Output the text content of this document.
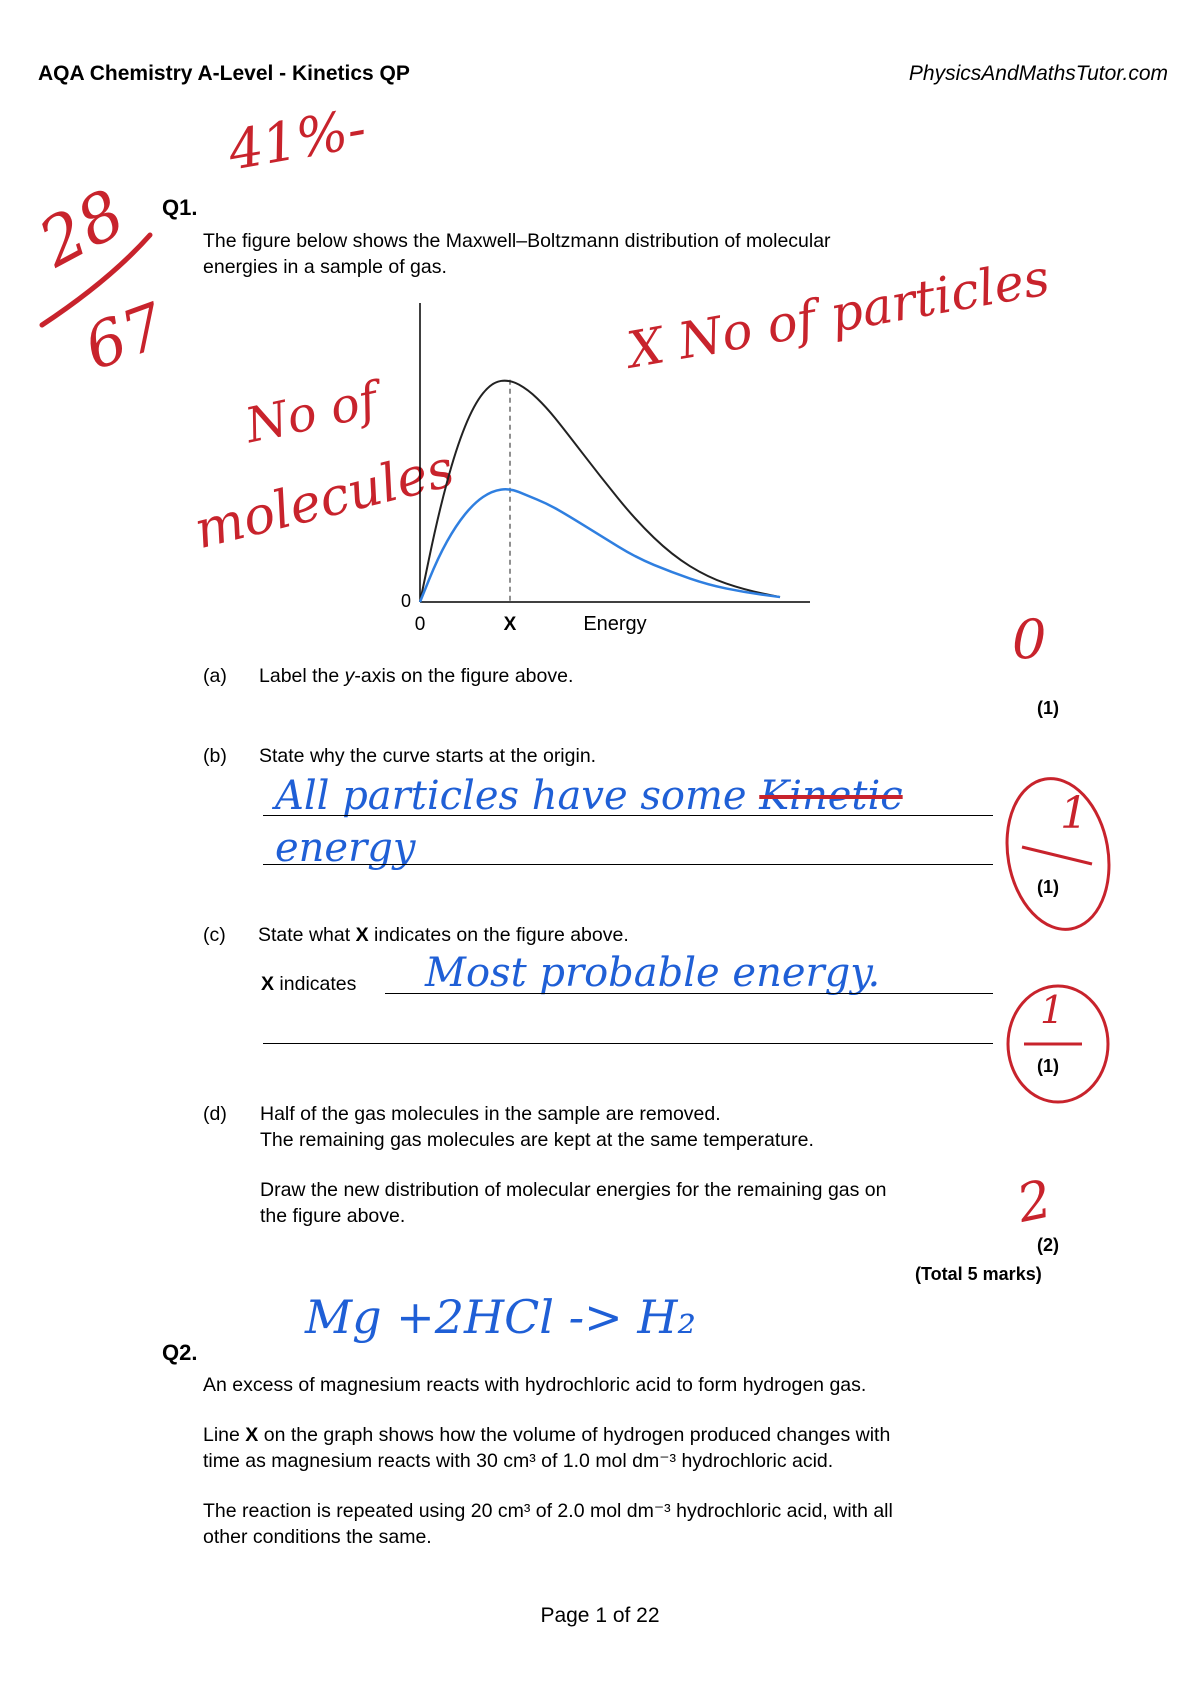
AQA Chemistry A-Level - Kinetics QP	PhysicsAndMathsTutor.com
41%-
28
67
Q1.
The figure below shows the Maxwell–Boltzmann distribution of molecular
energies in a sample of gas.
No of
molecules
X No of particles
0
0	X	Energy	0
1
1
2
(a) Label the y-axis on the figure above.
(1)
(b) State why the curve starts at the origin.
All particles have some Kinetic
energy
(1)
(c) State what X indicates on the figure above.
X indicates Most probable energy.
(1)
(d) Half of the gas molecules in the sample are removed.
The remaining gas molecules are kept at the same temperature.
Draw the new distribution of molecular energies for the remaining gas on
the figure above.
(2)
(Total 5 marks)
Mg +2HCl -> H₂
Q2.
An excess of magnesium reacts with hydrochloric acid to form hydrogen gas.
Line X on the graph shows how the volume of hydrogen produced changes with
time as magnesium reacts with 30 cm³ of 1.0 mol dm⁻³ hydrochloric acid.
The reaction is repeated using 20 cm³ of 2.0 mol dm⁻³ hydrochloric acid, with all
other conditions the same.
Page 1 of 22
